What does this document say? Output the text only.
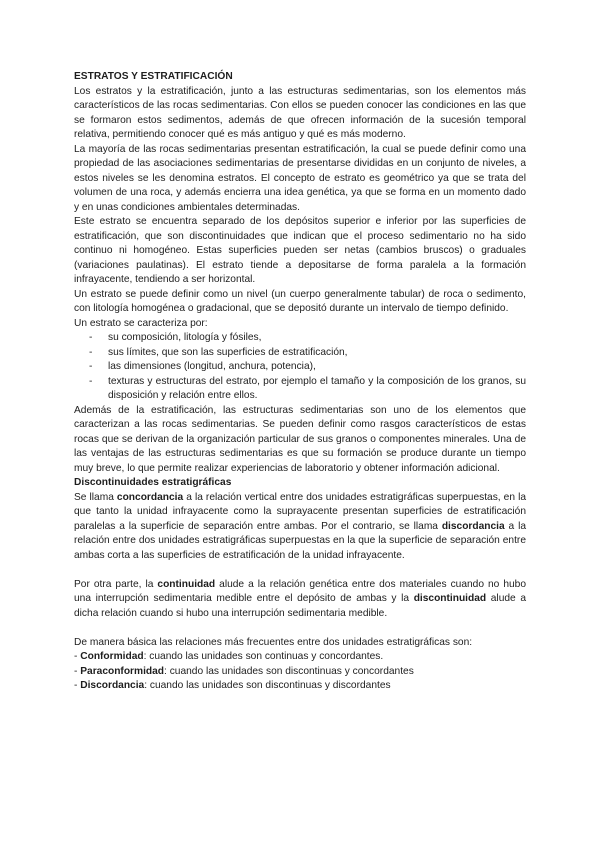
ESTRATOS Y ESTRATIFICACIÓN

Los estratos y la estratificación, junto a las estructuras sedimentarias, son los elementos más característicos de las rocas sedimentarias. Con ellos se pueden conocer las condiciones en las que se formaron estos sedimentos, además de que ofrecen información de la sucesión temporal relativa, permitiendo conocer qué es más antiguo y qué es más moderno.

La mayoría de las rocas sedimentarias presentan estratificación, la cual se puede definir como una propiedad de las asociaciones sedimentarias de presentarse divididas en un conjunto de niveles, a estos niveles se les denomina estratos. El concepto de estrato es geométrico ya que se trata del volumen de una roca, y además encierra una idea genética, ya que se forma en un momento dado y en unas condiciones ambientales determinadas.

Este estrato se encuentra separado de los depósitos superior e inferior por las superficies de estratificación, que son discontinuidades que indican que el proceso sedimentario no ha sido continuo ni homogéneo. Estas superficies pueden ser netas (cambios bruscos) o graduales (variaciones paulatinas). El estrato tiende a depositarse de forma paralela a la formación infrayacente, tendiendo a ser horizontal.

Un estrato se puede definir como un nivel (un cuerpo generalmente tabular) de roca o sedimento, con litología homogénea o gradacional, que se depositó durante un intervalo de tiempo definido.

Un estrato se caracteriza por:

- su composición, litología y fósiles,
- sus límites, que son las superficies de estratificación,
- las dimensiones (longitud, anchura, potencia),
- texturas y estructuras del estrato, por ejemplo el tamaño y la composición de los granos, su disposición y relación entre ellos.

Además de la estratificación, las estructuras sedimentarias son uno de los elementos que caracterizan a las rocas sedimentarias. Se pueden definir como rasgos característicos de estas rocas que se derivan de la organización particular de sus granos o componentes minerales. Una de las ventajas de las estructuras sedimentarias es que su formación se produce durante un tiempo muy breve, lo que permite realizar experiencias de laboratorio y obtener información adicional.

Discontinuidades estratigráficas

Se llama concordancia a la relación vertical entre dos unidades estratigráficas superpuestas, en la que tanto la unidad infrayacente como la suprayacente presentan superficies de estratificación paralelas a la superficie de separación entre ambas. Por el contrario, se llama discordancia a la relación entre dos unidades estratigráficas superpuestas en la que la superficie de separación entre ambas corta a las superficies de estratificación de la unidad infrayacente.

Por otra parte, la continuidad alude a la relación genética entre dos materiales cuando no hubo una interrupción sedimentaria medible entre el depósito de ambas y la discontinuidad alude a dicha relación cuando si hubo una interrupción sedimentaria medible.

De manera básica las relaciones más frecuentes entre dos unidades estratigráficas son:

- Conformidad: cuando las unidades son continuas y concordantes.

- Paraconformidad: cuando las unidades son discontinuas y concordantes

- Discordancia: cuando las unidades son discontinuas y discordantes
